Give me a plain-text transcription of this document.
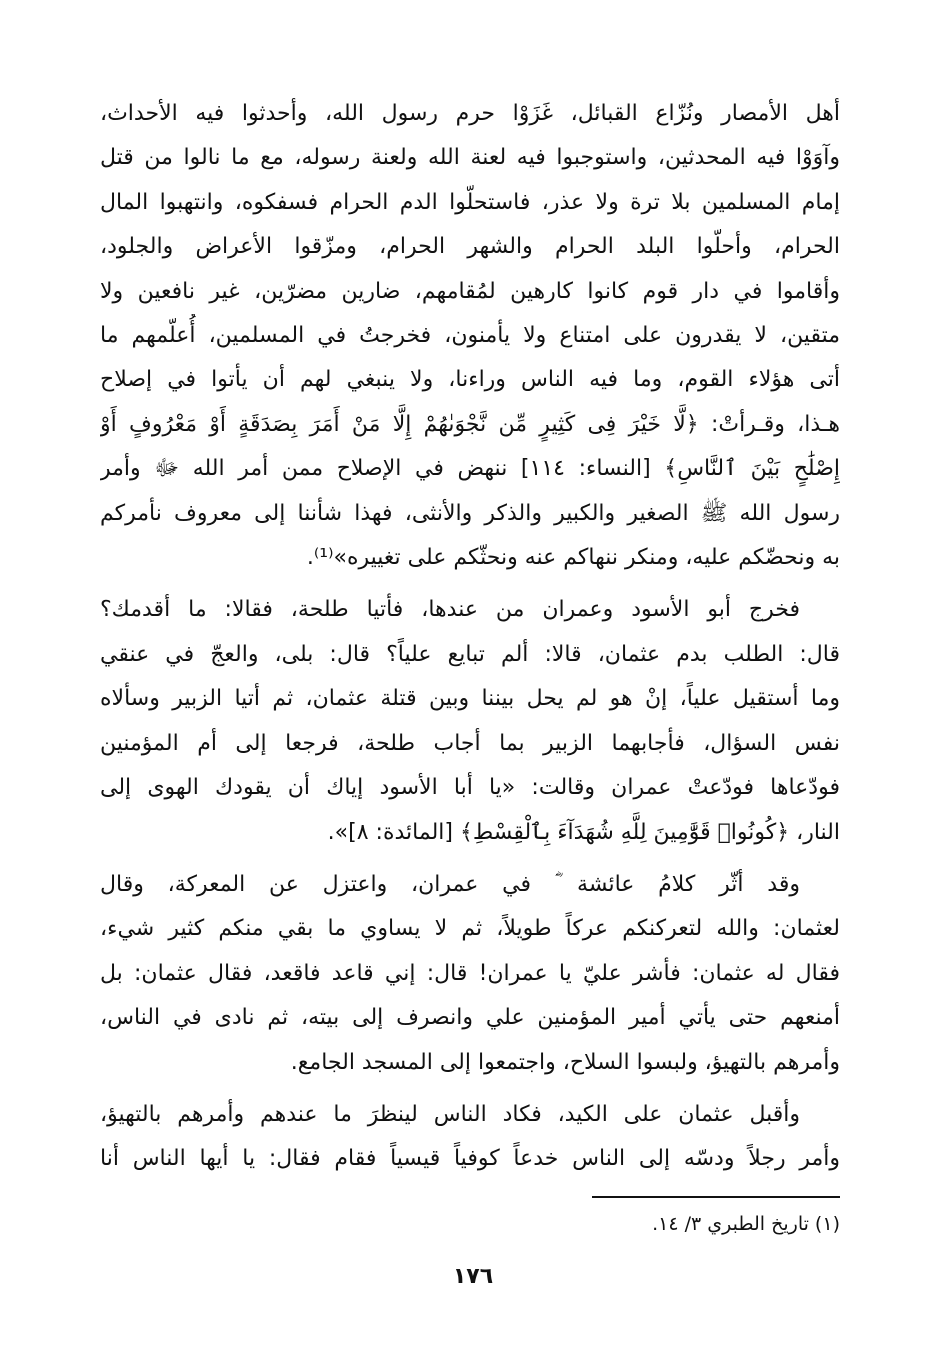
أهل الأمصار ونُزّاع القبائل، غَزَوْا حرم رسول الله، وأحدثوا فيه الأحداث،
وآوَوْا فيه المحدثين، واستوجبوا فيه لعنة الله ولعنة رسوله، مع ما نالوا من قتل
إمام المسلمين بلا ترة ولا عذر، فاستحلّوا الدم الحرام فسفكوه، وانتهبوا المال
الحرام، وأحلّوا البلد الحرام والشهر الحرام، ومزّقوا الأعراض والجلود،
وأقاموا في دار قوم كانوا كارهين لمُقامهم، ضارين مضرّين، غير نافعين ولا
متقين، لا يقدرون على امتناع ولا يأمنون، فخرجتُ في المسلمين، أُعلّمهم ما
أتى هؤلاء القوم، وما فيه الناس وراءنا، ولا ينبغي لهم أن يأتوا في إصلاح
هـذا، وقـرأتْ: ﴿لَّا خَيْرَ فِى كَثِيرٍ مِّن نَّجْوَىٰهُمْ إِلَّا مَنْ أَمَرَ بِصَدَقَةٍ أَوْ مَعْرُوفٍ أَوْ
إِصْلَٰحٍ بَيْنَ ٱلنَّاسِ﴾ [النساء: ١١٤] ننهض في الإصلاح ممن أمر الله ﷻ وأمر
رسول الله ﷺ الصغير والكبير والذكر والأنثى، فهذا شأننا إلى معروف نأمركم
به ونحضّكم عليه، ومنكر ننهاكم عنه ونحثّكم على تغييره»⁽¹⁾.

فخرج أبو الأسود وعمران من عندها، فأتيا طلحة، فقالا: ما أقدمك؟
قال: الطلب بدم عثمان، قالا: ألم تبايع علياً؟ قال: بلى، والعجّ في عنقي
وما أستقيل علياً، إنْ هو لم يحل بيننا وبين قتلة عثمان، ثم أتيا الزبير وسألاه
نفس السؤال، فأجابهما الزبير بما أجاب طلحة، فرجعا إلى أم المؤمنين
فودّعاها فودّعتْ عمران وقالت: «يا أبا الأسود إياك أن يقودك الهوى إلى
النار، ﴿كُونُوا۟ قَوَّٰمِينَ لِلَّهِ شُهَدَآءَ بِٱلْقِسْطِ﴾ [المائدة: ٨]».

وقد أثّر كلامُ عائشة ؓ في عمران، واعتزل عن المعركة، وقال
لعثمان: والله لتعركنكم عركاً طويلاً، ثم لا يساوي ما بقي منكم كثير شيء،
فقال له عثمان: فأشر عليّ يا عمران! قال: إني قاعد فاقعد، فقال عثمان: بل
أمنعهم حتى يأتي أمير المؤمنين علي وانصرف إلى بيته، ثم نادى في الناس،
وأمرهم بالتهيؤ، ولبسوا السلاح، واجتمعوا إلى المسجد الجامع.

وأقبل عثمان على الكيد، فكاد الناس لينظرَ ما عندهم وأمرهم بالتهيؤ،
وأمر رجلاً ودسّه إلى الناس خدعاً كوفياً قيسياً فقام فقال: يا أيها الناس أنا

(١) تاريخ الطبري ٣/ ١٤.
١٧٦
